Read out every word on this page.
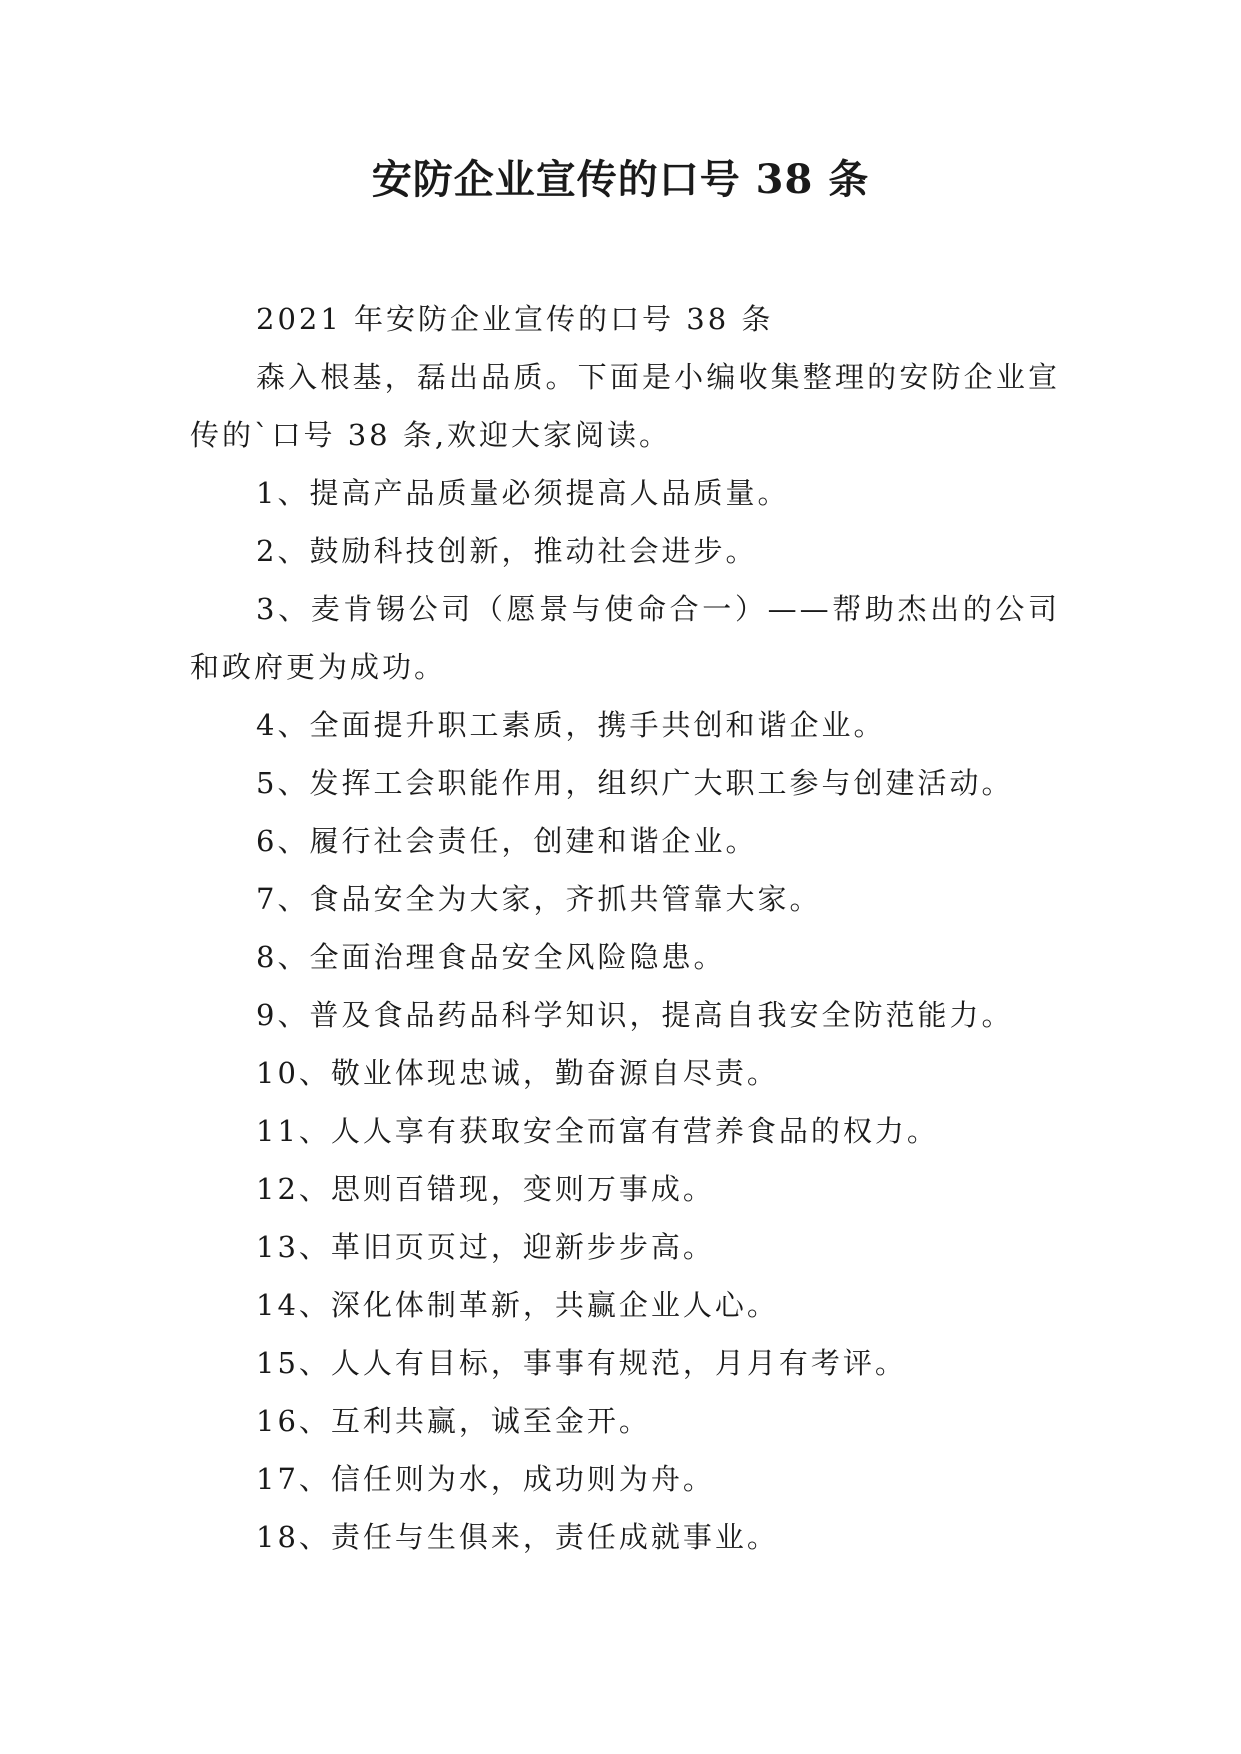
安防企业宣传的口号 38 条

2021 年安防企业宣传的口号 38 条

森入根基，磊出品质。下面是小编收集整理的安防企业宣传的`口号 38 条,欢迎大家阅读。

1、提高产品质量必须提高人品质量。

2、鼓励科技创新，推动社会进步。

3、麦肯锡公司（愿景与使命合一）——帮助杰出的公司和政府更为成功。

4、全面提升职工素质，携手共创和谐企业。

5、发挥工会职能作用，组织广大职工参与创建活动。

6、履行社会责任，创建和谐企业。

7、食品安全为大家，齐抓共管靠大家。

8、全面治理食品安全风险隐患。

9、普及食品药品科学知识，提高自我安全防范能力。

10、敬业体现忠诚，勤奋源自尽责。

11、人人享有获取安全而富有营养食品的权力。

12、思则百错现，变则万事成。

13、革旧页页过，迎新步步高。

14、深化体制革新，共赢企业人心。

15、人人有目标，事事有规范，月月有考评。

16、互利共赢，诚至金开。

17、信任则为水，成功则为舟。

18、责任与生俱来，责任成就事业。
